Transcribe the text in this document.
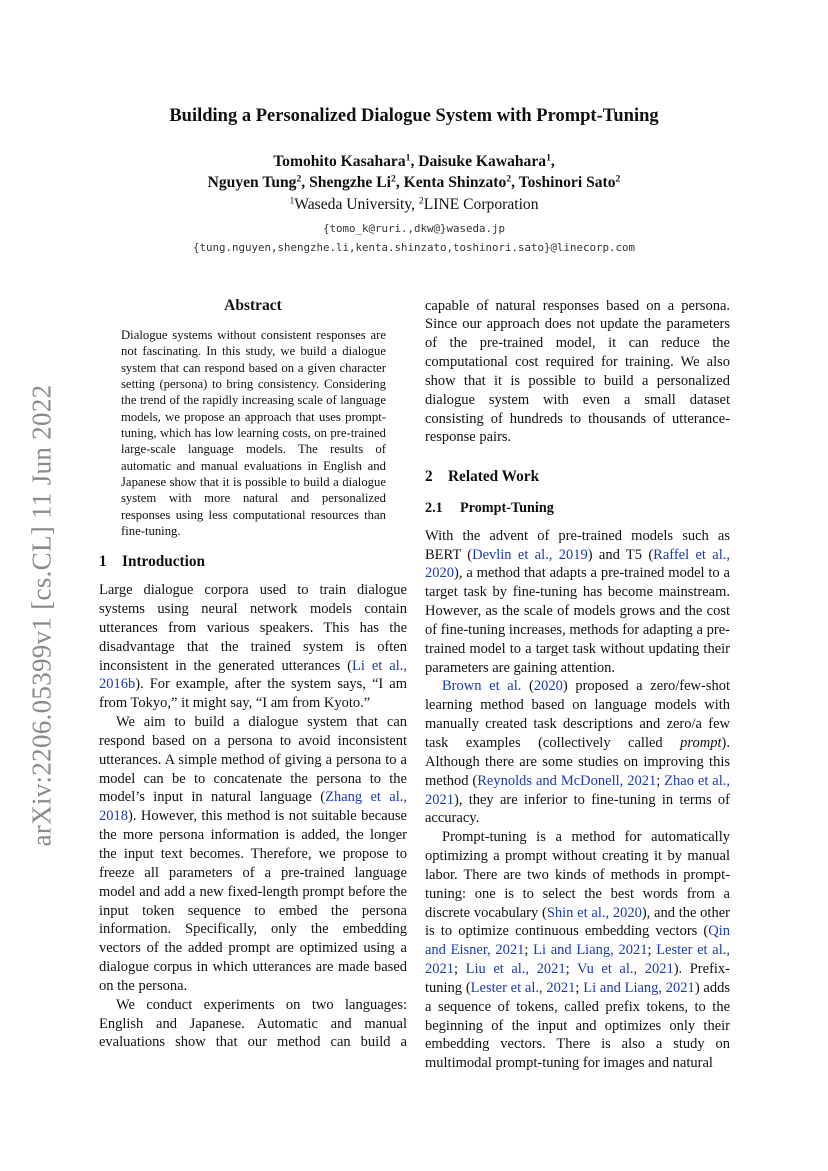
arXiv:2206.05399v1 [cs.CL] 11 Jun 2022
Building a Personalized Dialogue System with Prompt-Tuning
Tomohito Kasahara$^1$, Daisuke Kawahara$^1$,
Nguyen Tung$^2$, Shengzhe Li$^2$, Kenta Shinzato$^2$, Toshinori Sato$^2$
$^1$Waseda University, $^2$LINE Corporation
{tomo_k@ruri.,dkw@}waseda.jp
{tung.nguyen,shengzhe.li,kenta.shinzato,toshinori.sato}@linecorp.com
Abstract

Dialogue systems without consistent responses are not fascinating. In this study, we build a dialogue system that can respond based on a given character setting (persona) to bring consistency. Considering the trend of the rapidly increasing scale of language models, we propose an approach that uses prompt-tuning, which has low learning costs, on pre-trained large-scale language models. The results of automatic and manual evaluations in English and Japanese show that it is possible to build a dialogue system with more natural and personalized responses using less computational resources than fine-tuning.

1 Introduction

Large dialogue corpora used to train dialogue systems using neural network models contain utterances from various speakers. This has the disadvantage that the trained system is often inconsistent in the generated utterances (Li et al., 2016b). For example, after the system says, “I am from Tokyo,” it might say, “I am from Kyoto.”

We aim to build a dialogue system that can respond based on a persona to avoid inconsistent utterances. A simple method of giving a persona to a model can be to concatenate the persona to the model’s input in natural language (Zhang et al., 2018). However, this method is not suitable because the more persona information is added, the longer the input text becomes. Therefore, we propose to freeze all parameters of a pre-trained language model and add a new fixed-length prompt before the input token sequence to embed the persona information. Specifically, only the embedding vectors of the added prompt are optimized using a dialogue corpus in which utterances are made based on the persona.

We conduct experiments on two languages: English and Japanese. Automatic and manual evaluations show that our method can build a

capable of natural responses based on a persona. Since our approach does not update the parameters of the pre-trained model, it can reduce the computational cost required for training. We also show that it is possible to build a personalized dialogue system with even a small dataset consisting of hundreds to thousands of utterance-response pairs.

2 Related Work
2.1 Prompt-Tuning

With the advent of pre-trained models such as BERT (Devlin et al., 2019) and T5 (Raffel et al., 2020), a method that adapts a pre-trained model to a target task by fine-tuning has become mainstream. However, as the scale of models grows and the cost of fine-tuning increases, methods for adapting a pre-trained model to a target task without updating their parameters are gaining attention.

Brown et al. (2020) proposed a zero/few-shot learning method based on language models with manually created task descriptions and zero/a few task examples (collectively called prompt). Although there are some studies on improving this method (Reynolds and McDonell, 2021; Zhao et al., 2021), they are inferior to fine-tuning in terms of accuracy.

Prompt-tuning is a method for automatically optimizing a prompt without creating it by manual labor. There are two kinds of methods in prompt-tuning: one is to select the best words from a discrete vocabulary (Shin et al., 2020), and the other is to optimize continuous embedding vectors (Qin and Eisner, 2021; Li and Liang, 2021; Lester et al., 2021; Liu et al., 2021; Vu et al., 2021). Prefix-tuning (Lester et al., 2021; Li and Liang, 2021) adds a sequence of tokens, called prefix tokens, to the beginning of the input and optimizes only their embedding vectors. There is also a study on multimodal prompt-tuning for images and natural
